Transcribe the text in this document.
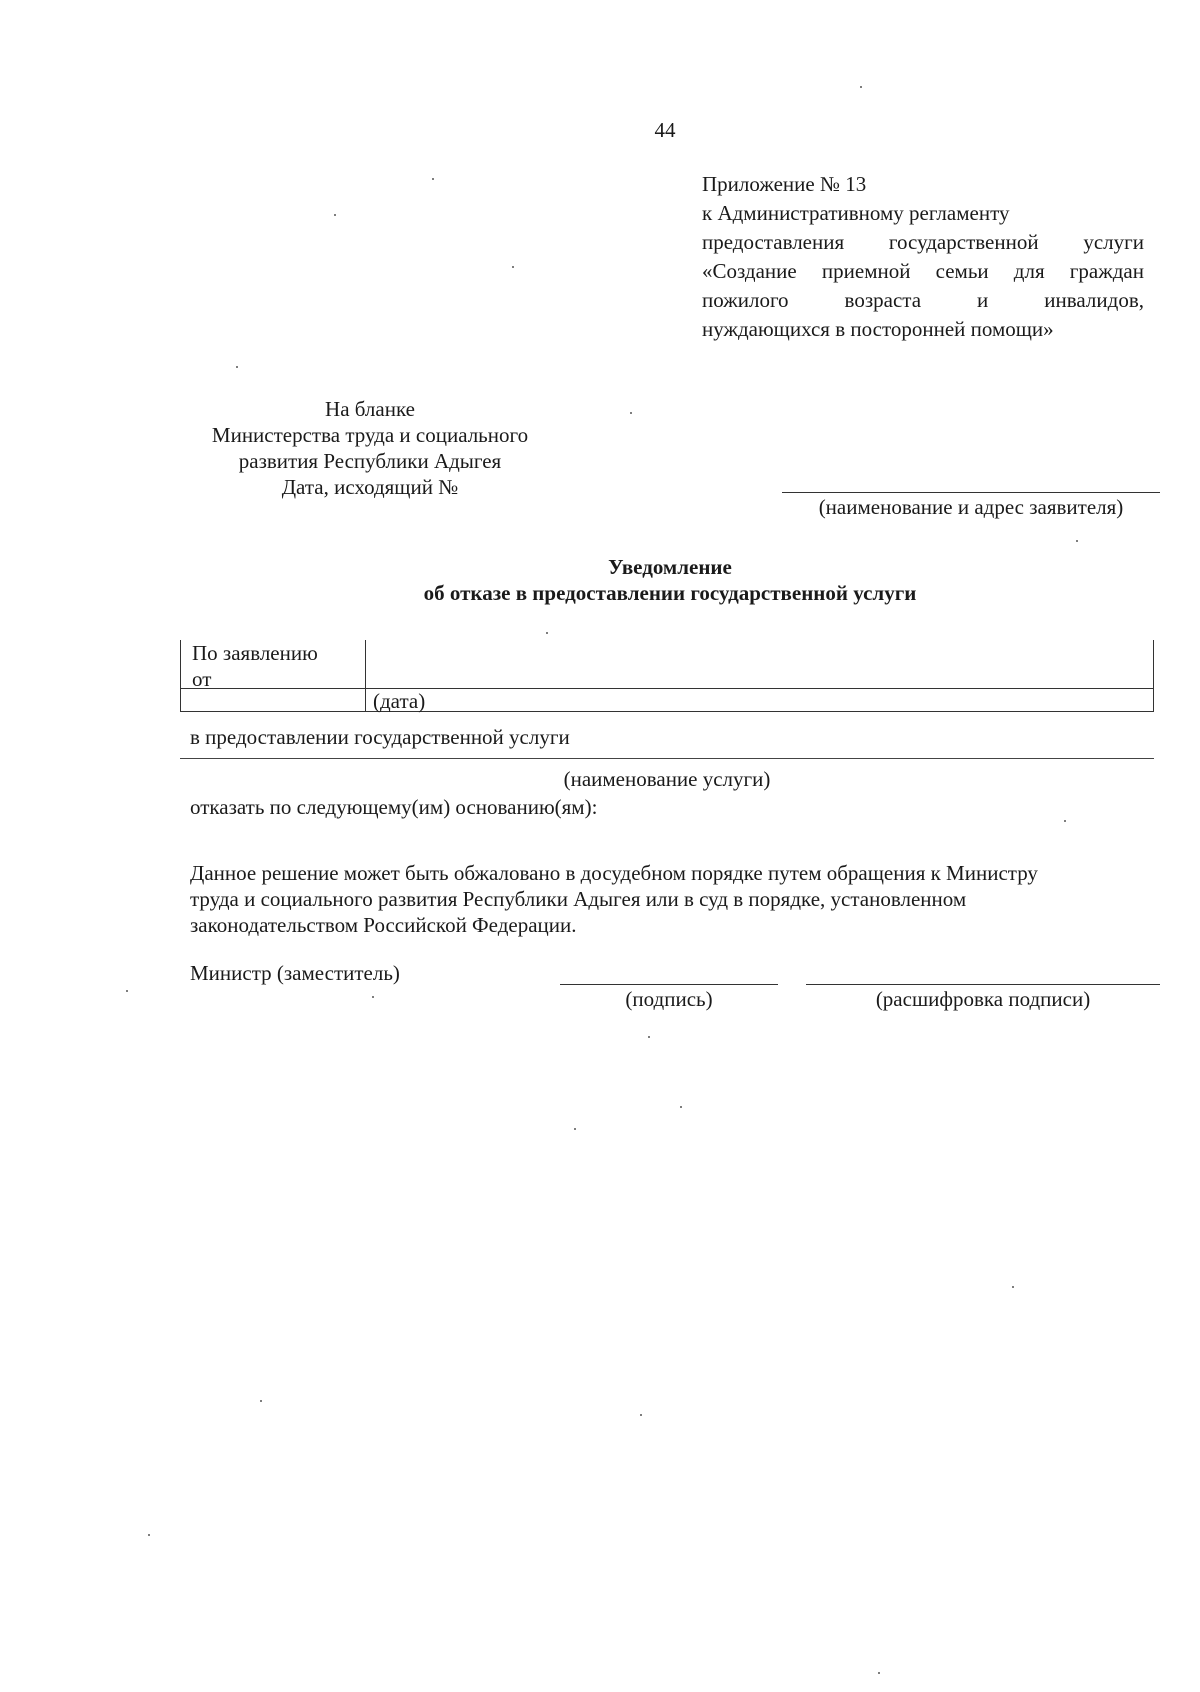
44
Приложение № 13
к Административному регламенту
предоставления государственной услуги
«Создание приемной семьи для граждан
пожилого возраста и инвалидов,
нуждающихся в посторонней помощи»
На бланке
Министерства труда и социального
развития Республики Адыгея
Дата, исходящий №
(наименование и адрес заявителя)
Уведомление
об отказе в предоставлении государственной услуги
По заявлению
от
(дата)
в предоставлении государственной услуги
(наименование услуги)
отказать по следующему(им) основанию(ям):
Данное решение может быть обжаловано в досудебном порядке путем обращения к Министру
труда и социального развития Республики Адыгея или в суд в порядке, установленном
законодательством Российской Федерации.
Министр (заместитель)
(подпись)	(расшифровка подписи)
